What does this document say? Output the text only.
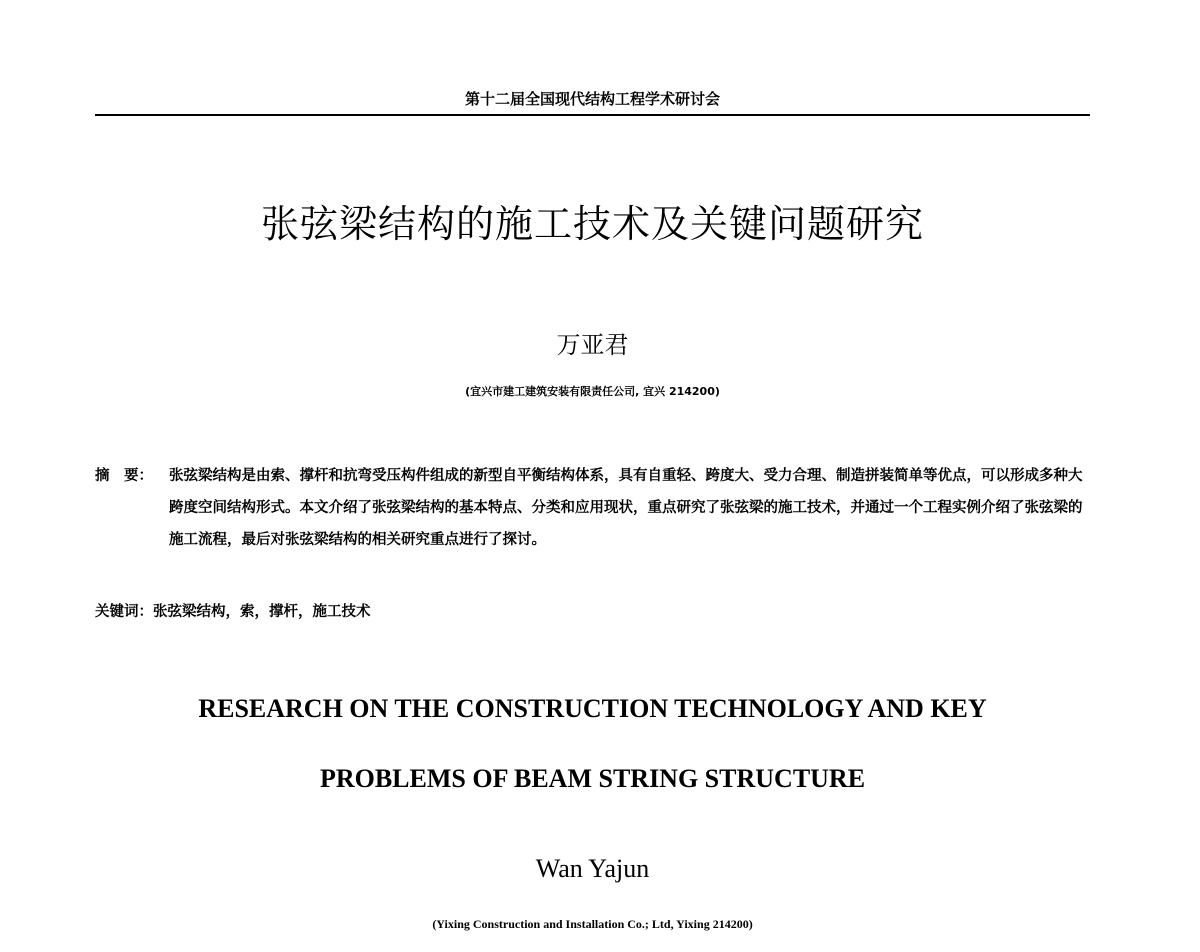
第十二届全国现代结构工程学术研讨会
张弦梁结构的施工技术及关键问题研究
万亚君
(宜兴市建工建筑安装有限责任公司, 宜兴 214200)
摘　要：	张弦梁结构是由索、撑杆和抗弯受压构件组成的新型自平衡结构体系，具有自重轻、跨度大、受力合理、制造拼装简单等优点，可以形成多种大跨度空间结构形式。本文介绍了张弦梁结构的基本特点、分类和应用现状，重点研究了张弦梁的施工技术，并通过一个工程实例介绍了张弦梁的施工流程，最后对张弦梁结构的相关研究重点进行了探讨。
关键词：张弦梁结构，索，撑杆，施工技术
RESEARCH ON THE CONSTRUCTION TECHNOLOGY AND KEY
PROBLEMS OF BEAM STRING STRUCTURE
Wan Yajun
(Yixing Construction and Installation Co.; Ltd, Yixing 214200)
